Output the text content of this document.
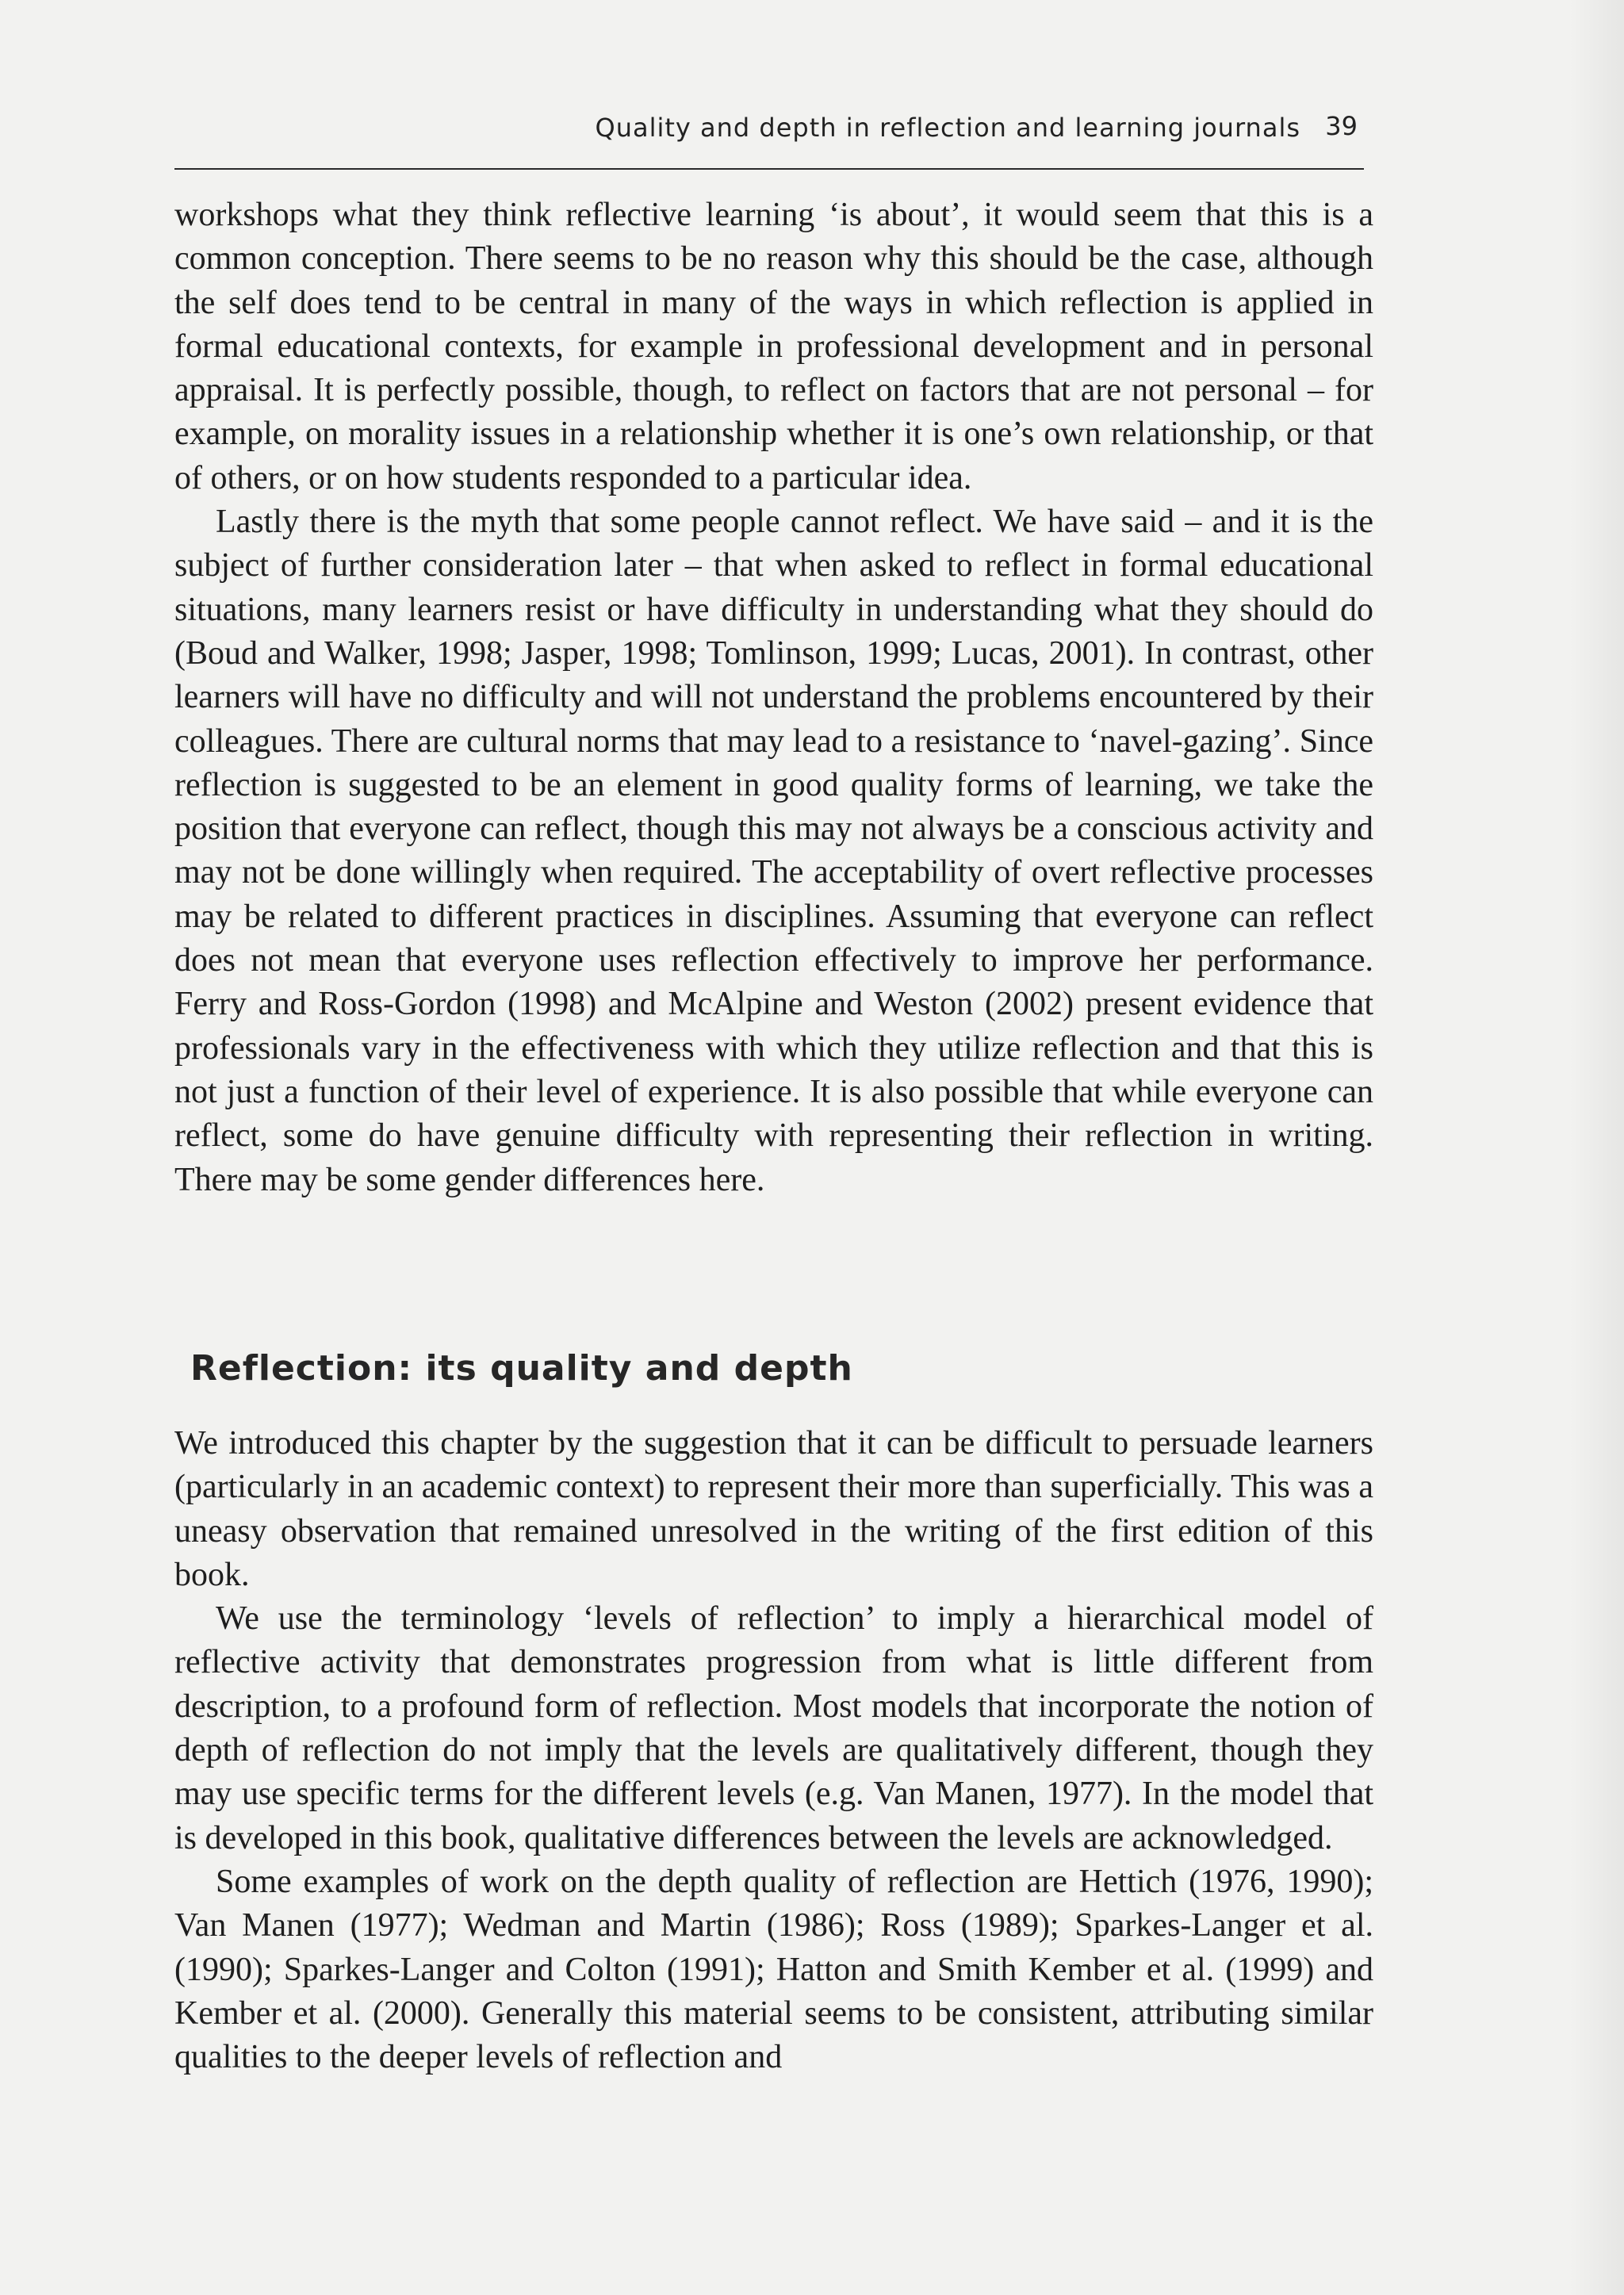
Quality and depth in reflection and learning journals 39

workshops what they think reflective learning ‘is about’, it would seem that this is a common conception. There seems to be no reason why this should be the case, although the self does tend to be central in many of the ways in which reflection is applied in formal educational contexts, for example in professional development and in personal appraisal. It is perfectly possible, though, to reflect on factors that are not personal – for example, on morality issues in a relationship whether it is one’s own relationship, or that of others, or on how students responded to a particular idea.

Lastly there is the myth that some people cannot reflect. We have said – and it is the subject of further consideration later – that when asked to reflect in formal educational situations, many learners resist or have difficulty in understanding what they should do (Boud and Walker, 1998; Jasper, 1998; Tomlinson, 1999; Lucas, 2001). In contrast, other learners will have no difficulty and will not understand the problems encountered by their colleagues. There are cultural norms that may lead to a resistance to ‘navel-gazing’. Since reflection is suggested to be an element in good quality forms of learning, we take the position that everyone can reflect, though this may not always be a conscious activity and may not be done willingly when required. The acceptability of overt reflective processes may be related to different practices in disciplines. Assuming that everyone can reflect does not mean that everyone uses reflection effectively to improve her performance. Ferry and Ross-Gordon (1998) and McAlpine and Weston (2002) present evidence that professionals vary in the effectiveness with which they utilize reflection and that this is not just a function of their level of experience. It is also possible that while everyone can reflect, some do have genuine difficulty with representing their reflection in writing. There may be some gender differences here.

Reflection: its quality and depth

We introduced this chapter by the suggestion that it can be difficult to persuade learners (particularly in an academic context) to represent their more than superficially. This was a uneasy observation that remained unresolved in the writing of the first edition of this book.

We use the terminology ‘levels of reflection’ to imply a hierarchical model of reflective activity that demonstrates progression from what is little different from description, to a profound form of reflection. Most models that incorporate the notion of depth of reflection do not imply that the levels are qualitatively different, though they may use specific terms for the different levels (e.g. Van Manen, 1977). In the model that is developed in this book, qualitative differences between the levels are acknowledged.

Some examples of work on the depth quality of reflection are Hettich (1976, 1990); Van Manen (1977); Wedman and Martin (1986); Ross (1989); Sparkes-Langer et al. (1990); Sparkes-Langer and Colton (1991); Hatton and Smith Kember et al. (1999) and Kember et al. (2000). Generally this material seems to be consistent, attributing similar qualities to the deeper levels of reflection and
